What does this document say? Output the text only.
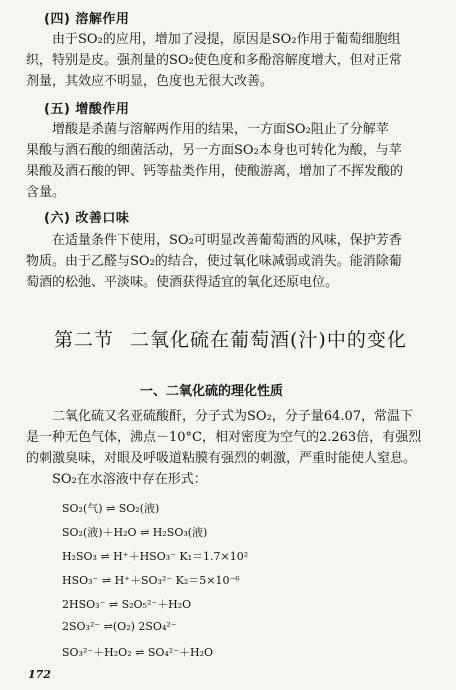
(四) 溶解作用
由于SO₂的应用，增加了浸提，原因是SO₂作用于葡萄细胞组
织，特别是皮。强剂量的SO₂使色度和多酚溶解度增大，但对正常
剂量，其效应不明显，色度也无很大改善。
(五) 增酸作用
增酸是杀菌与溶解两作用的结果，一方面SO₂阻止了分解苹
果酸与酒石酸的细菌活动，另一方面SO₂本身也可转化为酸，与苹
果酸及酒石酸的钾、钙等盐类作用，使酸游离，增加了不挥发酸的
含量。
(六) 改善口味
在适量条件下使用，SO₂可明显改善葡萄酒的风味，保护芳香
物质。由于乙醛与SO₂的结合，使过氧化味减弱或消失。能消除葡
萄酒的松弛、平淡味。使酒获得适宜的氧化还原电位。
第二节 二氧化硫在葡萄酒(汁)中的变化
一、二氧化硫的理化性质
二氧化硫又名亚硫酸酐，分子式为SO₂，分子量64.07，常温下
是一种无色气体，沸点－10°C，相对密度为空气的2.263倍，有强烈
的刺激臭味，对眼及呼吸道粘膜有强烈的刺激，严重时能使人窒息。
SO₂在水溶液中存在形式：
SO₂(气) ⇌ SO₂(液)
SO₂(液)＋H₂O ⇌ H₂SO₃(液)
H₂SO₃ ⇌ H⁺＋HSO₃⁻ K₁＝1.7×10²
HSO₃⁻ ⇌ H⁺＋SO₃²⁻ K₂＝5×10⁻⁶
2HSO₃⁻ ⇌ S₂O₅²⁻＋H₂O
2SO₃²⁻ ⇌(O₂) 2SO₄²⁻
SO₃²⁻＋H₂O₂ ⇌ SO₄²⁻＋H₂O
172
